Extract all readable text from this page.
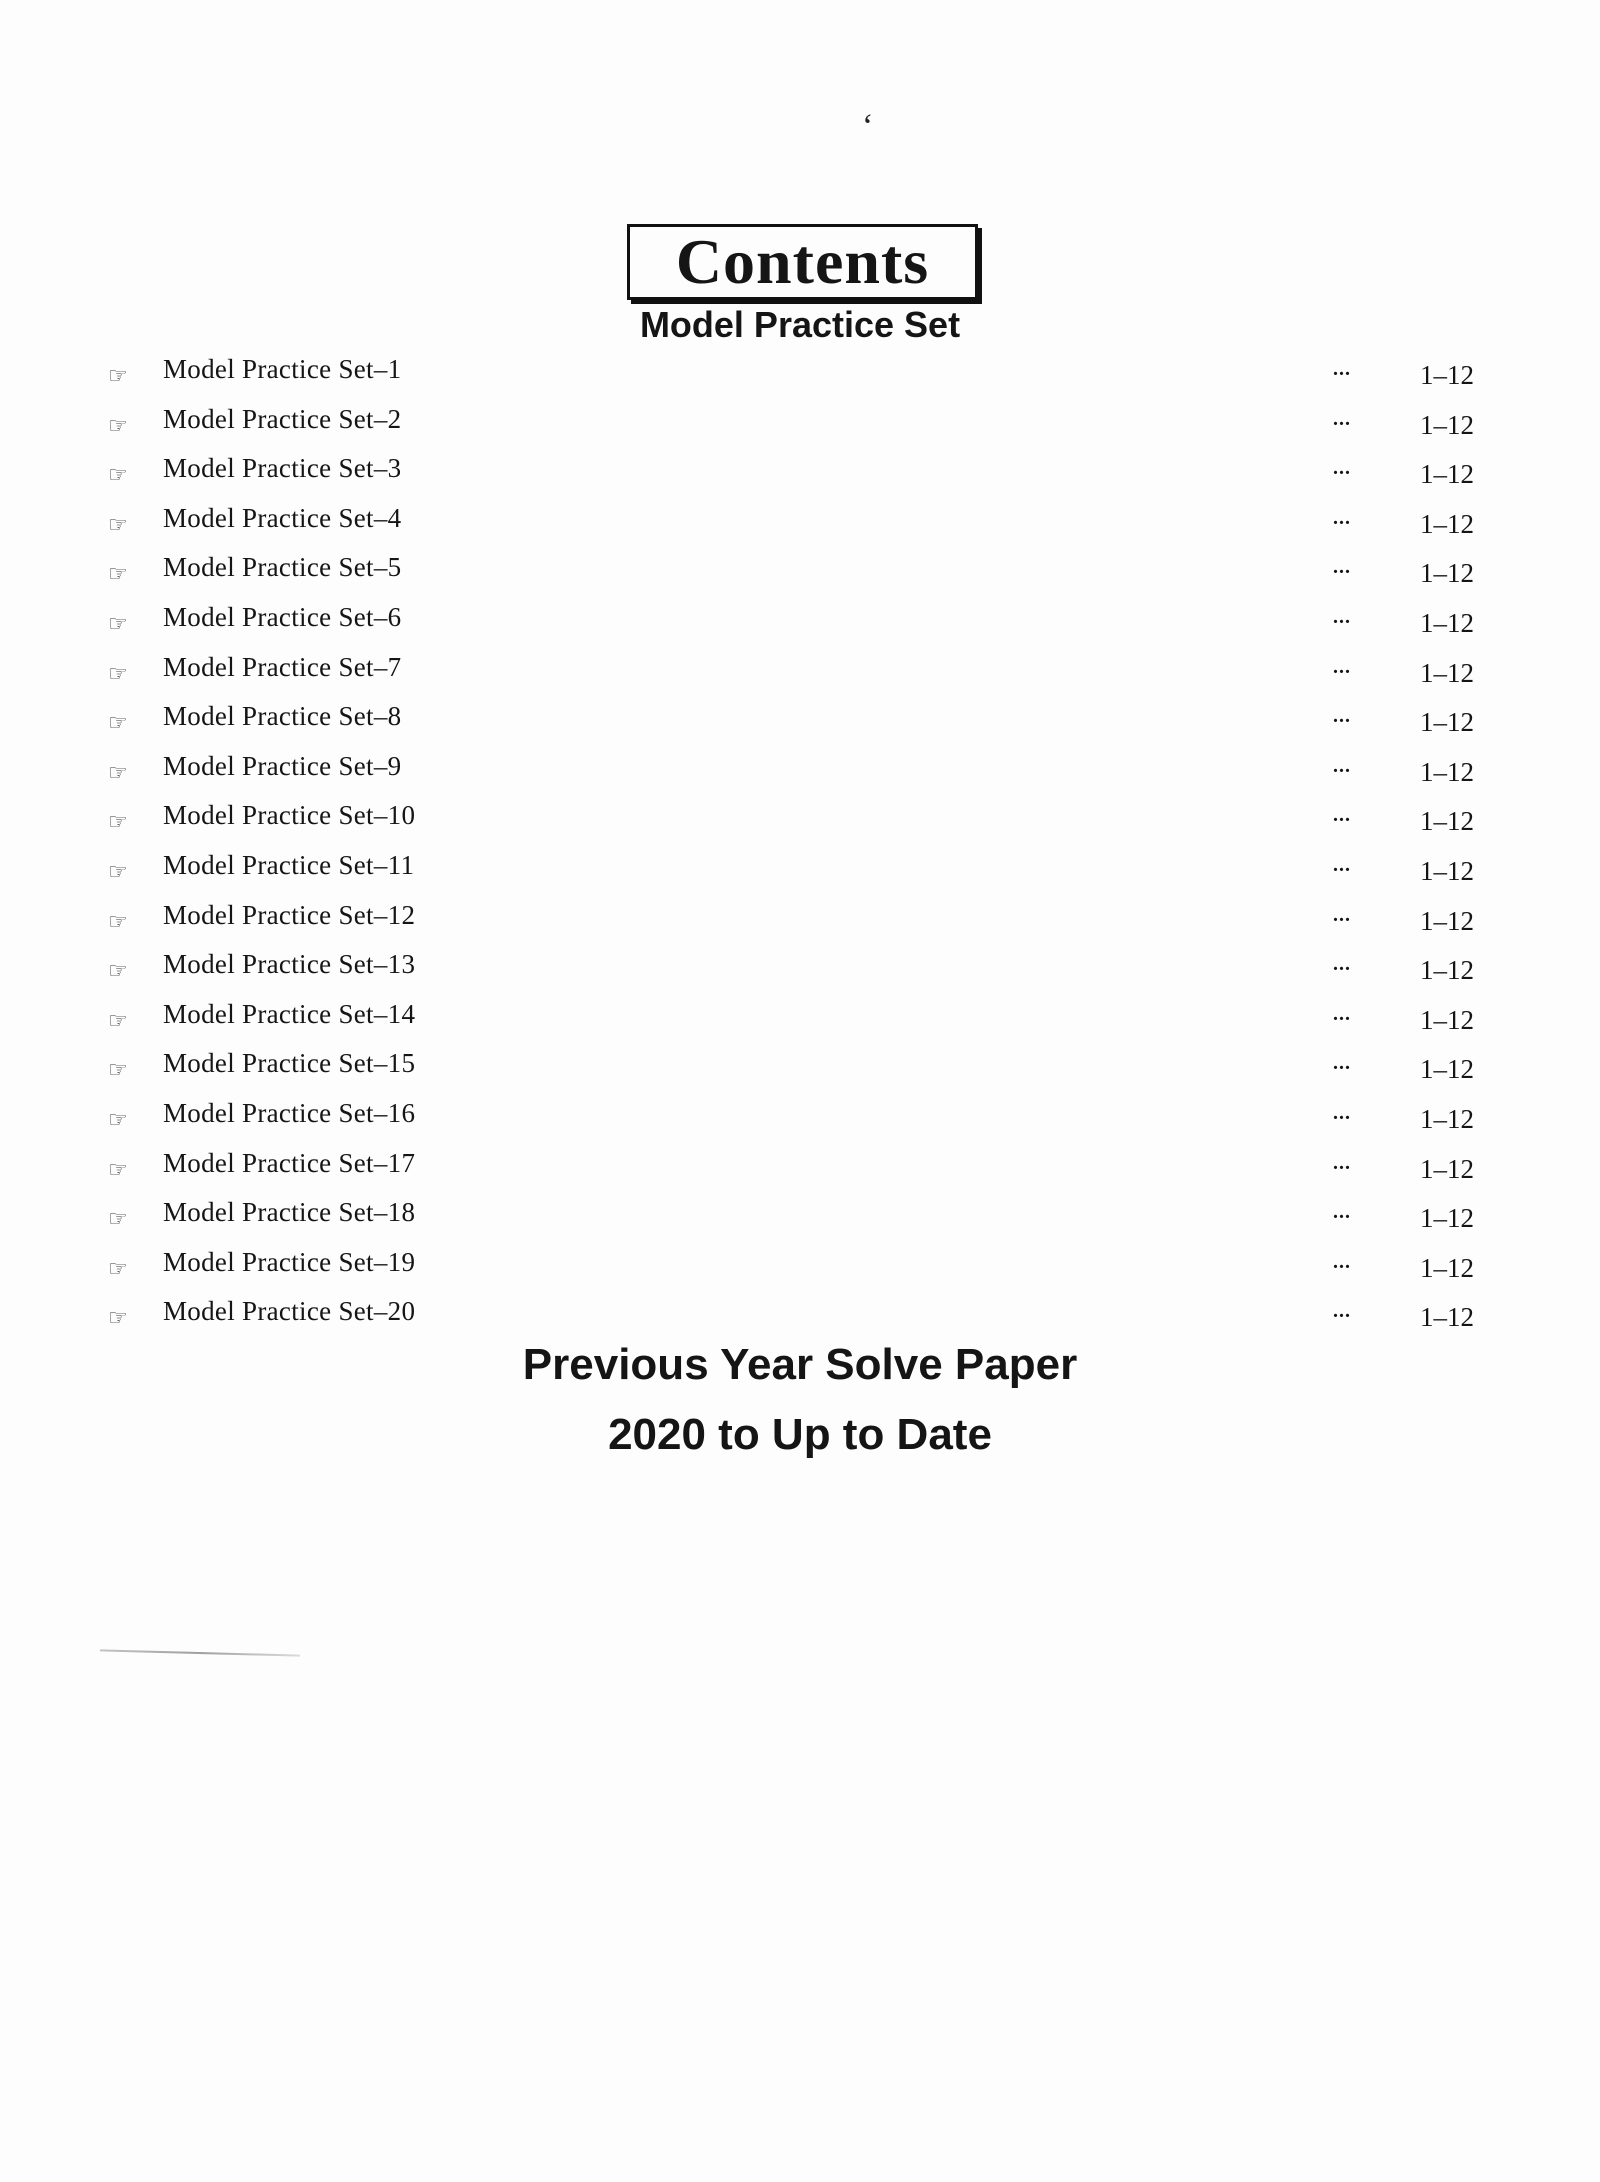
ʻ
Contents
Model Practice Set
☞ Model Practice Set–1	...	1–12
☞ Model Practice Set–2	...	1–12
☞ Model Practice Set–3	...	1–12
☞ Model Practice Set–4	...	1–12
☞ Model Practice Set–5	...	1–12
☞ Model Practice Set–6	...	1–12
☞ Model Practice Set–7	...	1–12
☞ Model Practice Set–8	...	1–12
☞ Model Practice Set–9	...	1–12
☞ Model Practice Set–10	...	1–12
☞ Model Practice Set–11	...	1–12
☞ Model Practice Set–12	...	1–12
☞ Model Practice Set–13	...	1–12
☞ Model Practice Set–14	...	1–12
☞ Model Practice Set–15	...	1–12
☞ Model Practice Set–16	...	1–12
☞ Model Practice Set–17	...	1–12
☞ Model Practice Set–18	...	1–12
☞ Model Practice Set–19	...	1–12
☞ Model Practice Set–20	...	1–12
Previous Year Solve Paper
2020 to Up to Date
